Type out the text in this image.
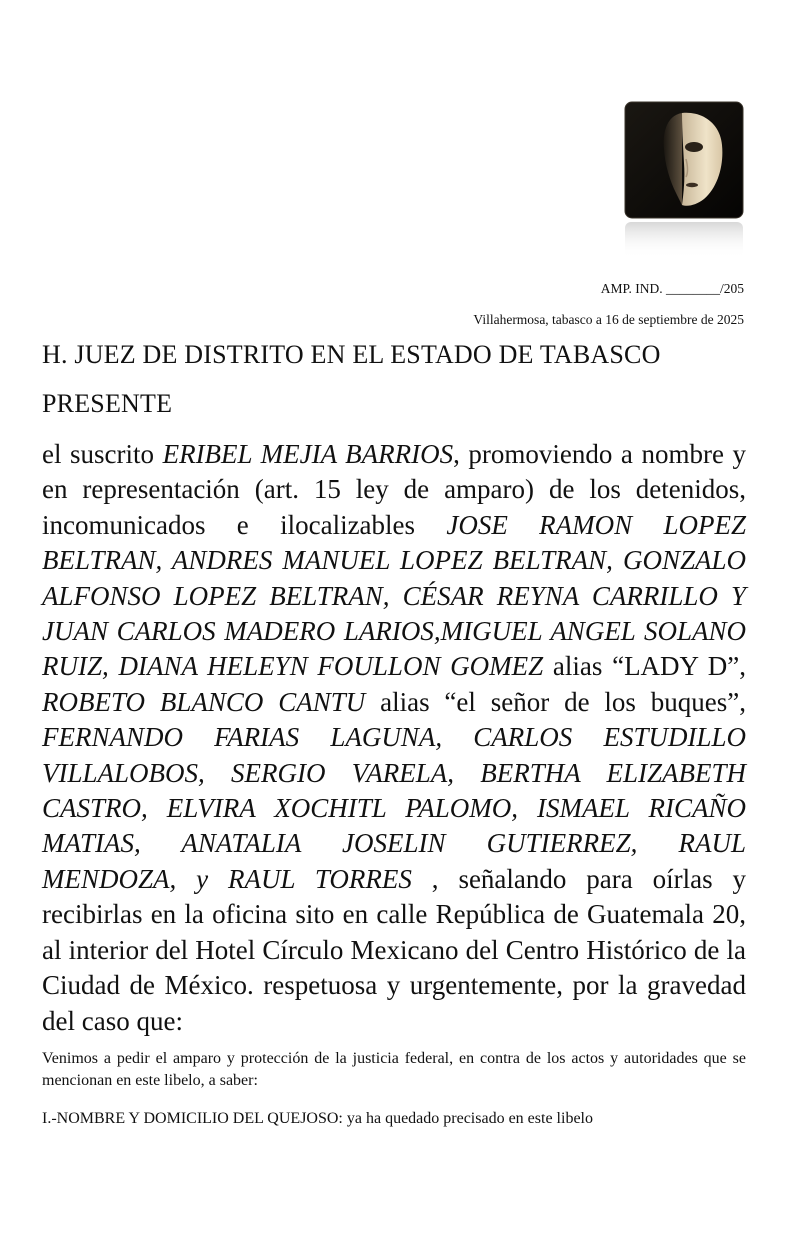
AMP. IND. ________/205
Villahermosa, tabasco a 16 de septiembre de 2025
H. JUEZ DE DISTRITO EN EL ESTADO DE TABASCO
PRESENTE
el suscrito ERIBEL MEJIA BARRIOS, promoviendo a nombre y en representación (art. 15 ley de amparo) de los detenidos, incomunicados e ilocalizables JOSE RAMON LOPEZ BELTRAN, ANDRES MANUEL LOPEZ BELTRAN, GONZALO ALFONSO LOPEZ BELTRAN, CÉSAR REYNA CARRILLO Y JUAN CARLOS MADERO LARIOS,MIGUEL ANGEL SOLANO RUIZ, DIANA HELEYN FOULLON GOMEZ alias “LADY D”, ROBETO BLANCO CANTU alias “el señor de los buques”, FERNANDO FARIAS LAGUNA, CARLOS ESTUDILLO VILLALOBOS, SERGIO VARELA, BERTHA ELIZABETH CASTRO, ELVIRA XOCHITL PALOMO, ISMAEL RICAÑO MATIAS, ANATALIA JOSELIN GUTIERREZ, RAUL MENDOZA, y RAUL TORRES , señalando para oírlas y recibirlas en la oficina sito en calle República de Guatemala 20, al interior del Hotel Círculo Mexicano del Centro Histórico de la Ciudad de México. respetuosa y urgentemente, por la gravedad del caso que:
Venimos a pedir el amparo y protección de la justicia federal, en contra de los actos y autoridades que se mencionan en este libelo, a saber:
I.-NOMBRE Y DOMICILIO DEL QUEJOSO: ya ha quedado precisado en este libelo
